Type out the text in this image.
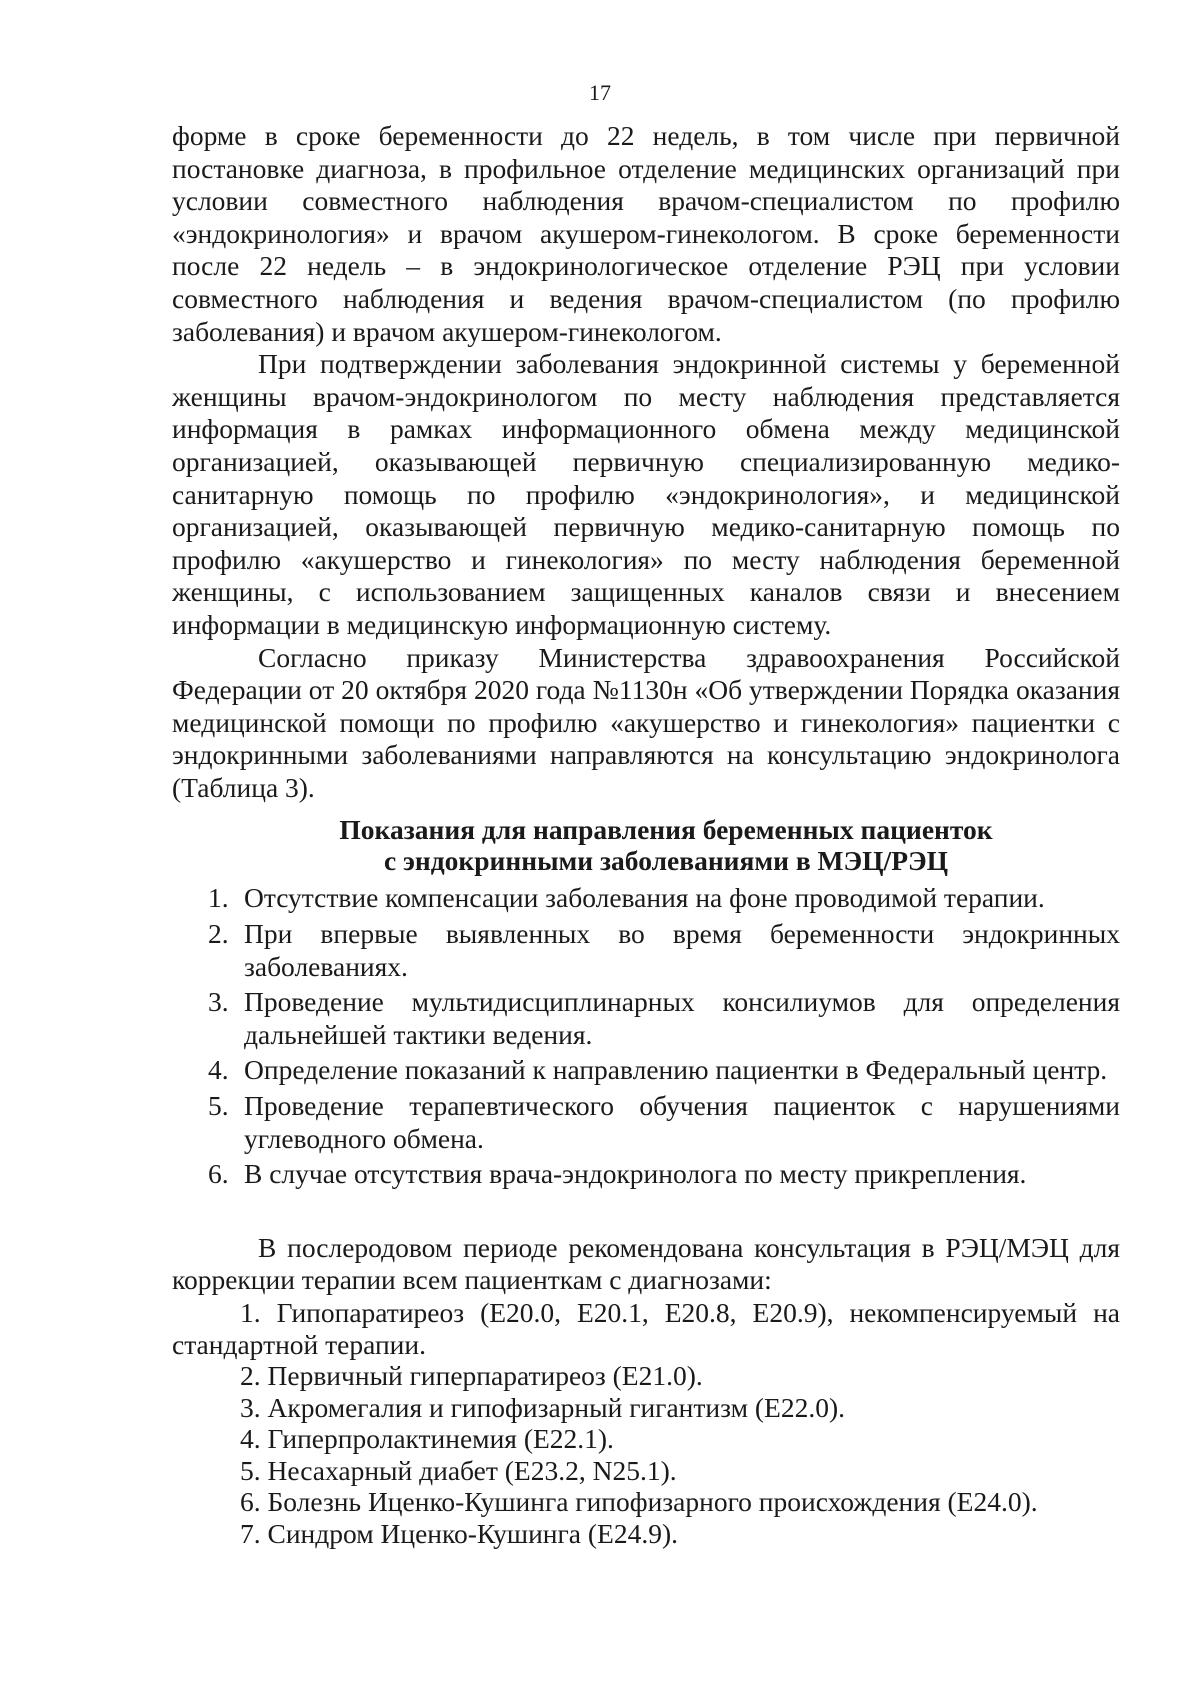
17

форме в сроке беременности до 22 недель, в том числе при первичной постановке диагноза, в профильное отделение медицинских организаций при условии совместного наблюдения врачом-специалистом по профилю «эндокринология» и врачом акушером-гинекологом. В сроке беременности после 22 недель – в эндокринологическое отделение РЭЦ при условии совместного наблюдения и ведения врачом-специалистом (по профилю заболевания) и врачом акушером-гинекологом.

При подтверждении заболевания эндокринной системы у беременной женщины врачом-эндокринологом по месту наблюдения представляется информация в рамках информационного обмена между медицинской организацией, оказывающей первичную специализированную медико-санитарную помощь по профилю «эндокринология», и медицинской организацией, оказывающей первичную медико-санитарную помощь по профилю «акушерство и гинекология» по месту наблюдения беременной женщины, с использованием защищенных каналов связи и внесением информации в медицинскую информационную систему.

Согласно приказу Министерства здравоохранения Российской Федерации от 20 октября 2020 года №1130н «Об утверждении Порядка оказания медицинской помощи по профилю «акушерство и гинекология» пациентки с эндокринными заболеваниями направляются на консультацию эндокринолога (Таблица 3).

Показания для направления беременных пациенток
с эндокринными заболеваниями в МЭЦ/РЭЦ
1. Отсутствие компенсации заболевания на фоне проводимой терапии.
2. При впервые выявленных во время беременности эндокринных заболеваниях.
3. Проведение мультидисциплинарных консилиумов для определения дальнейшей тактики ведения.
4. Определение показаний к направлению пациентки в Федеральный центр.
5. Проведение терапевтического обучения пациенток с нарушениями углеводного обмена.
6. В случае отсутствия врача-эндокринолога по месту прикрепления.

В послеродовом периоде рекомендована консультация в РЭЦ/МЭЦ для коррекции терапии всем пациенткам с диагнозами:

1. Гипопаратиреоз (E20.0, E20.1, E20.8, E20.9), некомпенсируемый на стандартной терапии.
2. Первичный гиперпаратиреоз (E21.0).
3. Акромегалия и гипофизарный гигантизм (E22.0).
4. Гиперпролактинемия (E22.1).
5. Несахарный диабет (E23.2, N25.1).
6. Болезнь Иценко-Кушинга гипофизарного происхождения (E24.0).
7. Синдром Иценко-Кушинга (E24.9).
